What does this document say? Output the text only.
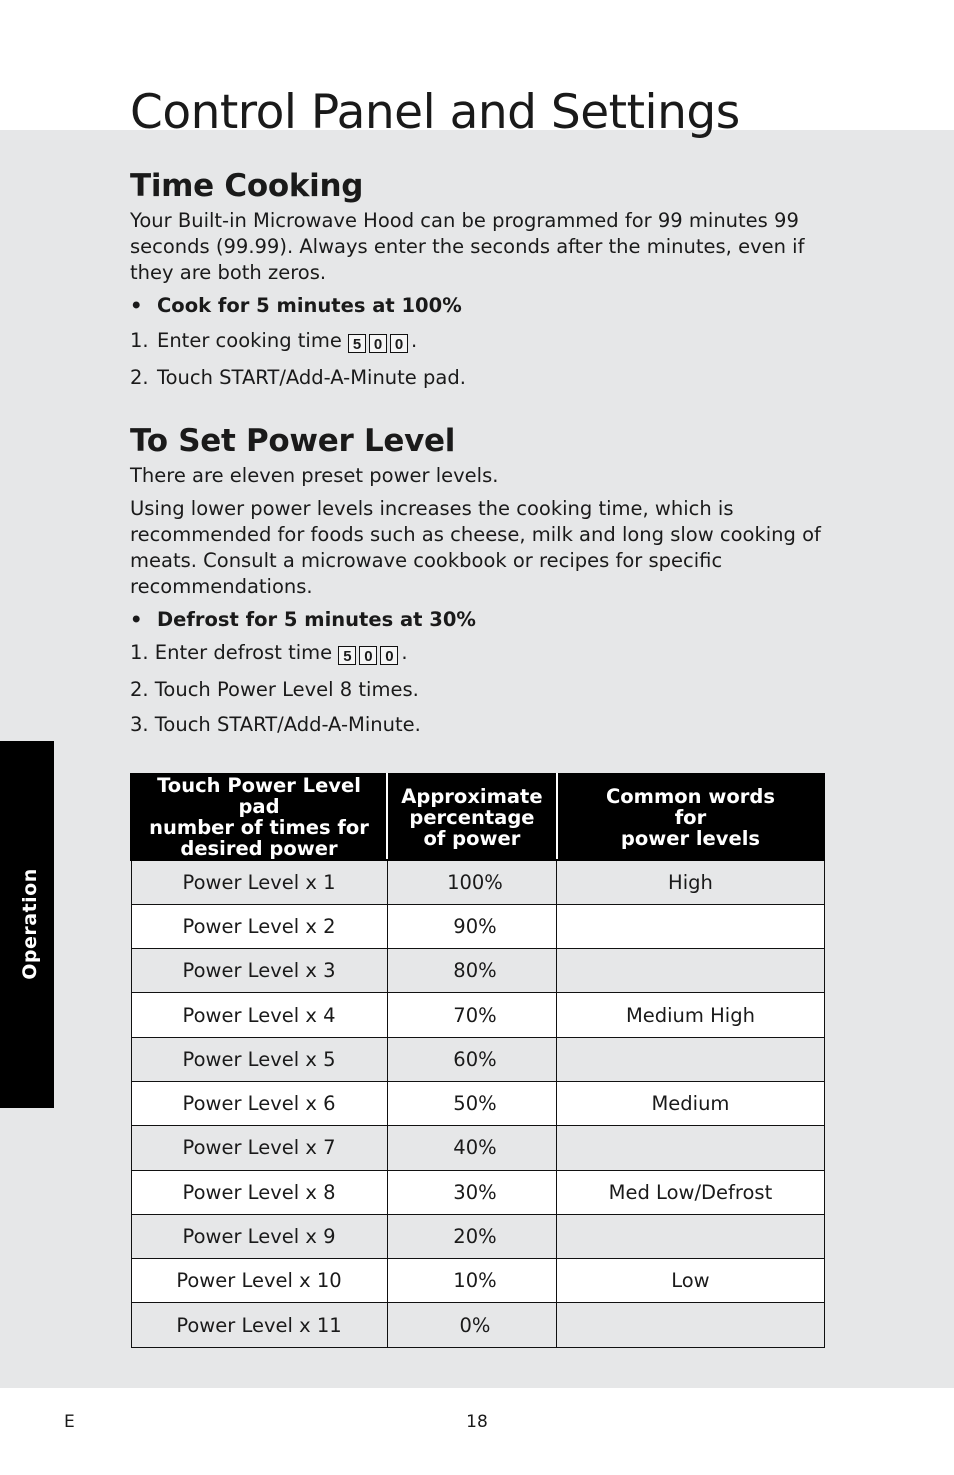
Control Panel and Settings
Operation
Time Cooking

Your Built-in Microwave Hood can be programmed for 99 minutes 99 seconds (99.99). Always enter the seconds after the minutes, even if they are both zeros.

• Cook for 5 minutes at 100%
1. Enter cooking time 5 0 0 .
2. Touch START/Add-A-Minute pad.
To Set Power Level

There are eleven preset power levels.

Using lower power levels increases the cooking time, which is recommended for foods such as cheese, milk and long slow cooking of meats. Consult a microwave cookbook or recipes for specific recommendations.

• Defrost for 5 minutes at 30%
1. Enter defrost time 5 0 0 .
2. Touch Power Level 8 times.
3. Touch START/Add-A-Minute.
Touch Power Level pad
number of times for
desired power	Approximate
percentage
of power	Common words
for
power levels
Power Level x 1	100%	High
Power Level x 2	90%	
Power Level x 3	80%	
Power Level x 4	70%	Medium High
Power Level x 5	60%	
Power Level x 6	50%	Medium
Power Level x 7	40%	
Power Level x 8	30%	Med Low/Defrost
Power Level x 9	20%	
Power Level x 10	10%	Low
Power Level x 11	0%	
E	18
